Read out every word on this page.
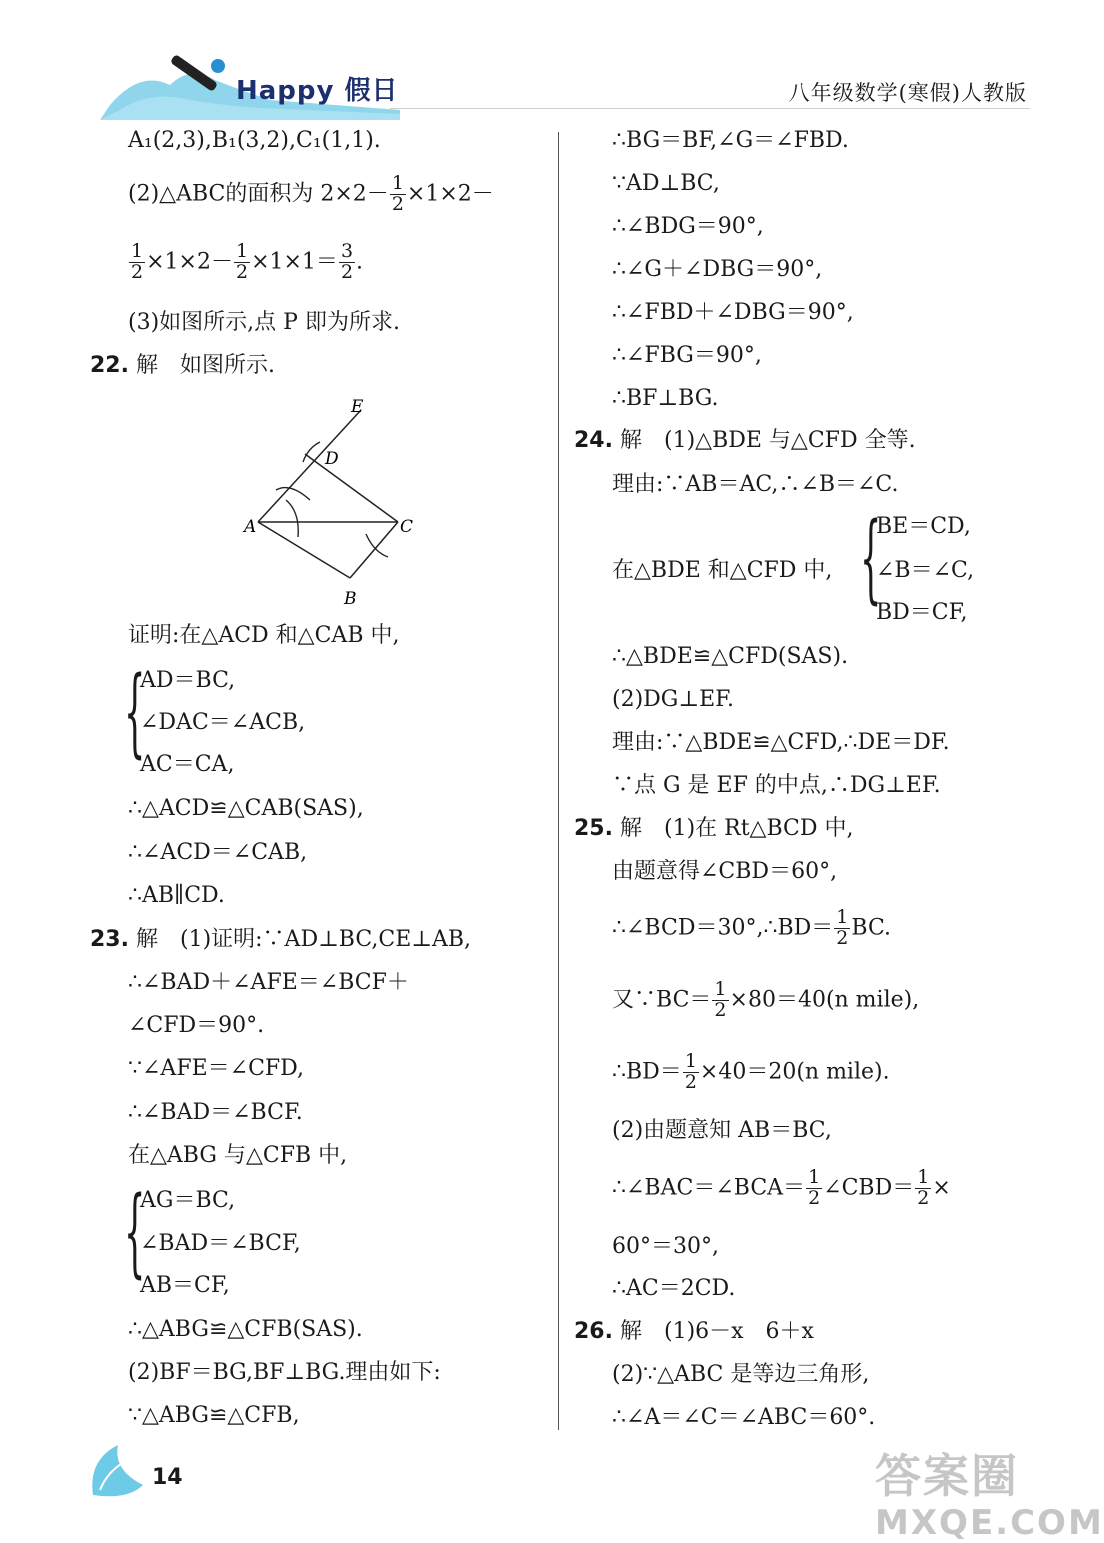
Happy 假日	八年级数学(寒假)人教版
A₁(2,3),B₁(3,2),C₁(1,1).
(2)△ABC的面积为 $2\times 2- \frac{1}{2} \times 1\times 2-$
$\frac{1}{2} \times 1\times 2- \frac{1}{2} \times 1\times 1= \frac{3}{2}$ .
(3)如图所示,点 P 即为所求.
22. 解　如图所示.
E
D
A	C
B
证明:在△ACD 和△CAB 中,
{
AD＝BC,
∠DAC＝∠ACB,
AC＝CA,
∴△ACD≌△CAB(SAS),
∴∠ACD＝∠CAB,
∴AB∥CD.
23. 解　(1)证明:∵AD⊥BC,CE⊥AB,
∴∠BAD＋∠AFE＝∠BCF＋
∠CFD＝90°.
∵∠AFE＝∠CFD,
∴∠BAD＝∠BCF.
在△ABG 与△CFB 中,
{
AG＝BC,
∠BAD＝∠BCF,
AB＝CF,
∴△ABG≌△CFB(SAS).
(2)BF＝BG,BF⊥BG.理由如下:
∵△ABG≌△CFB,
∴BG＝BF,∠G＝∠FBD.
∵AD⊥BC,
∴∠BDG＝90°,
∴∠G＋∠DBG＝90°,
∴∠FBD＋∠DBG＝90°,
∴∠FBG＝90°,
∴BF⊥BG.
24. 解　(1)△BDE 与△CFD 全等.
理由:∵AB＝AC,∴∠B＝∠C.
在△BDE 和△CFD 中, {
BE＝CD,
∠B＝∠C,
BD＝CF,
∴△BDE≌△CFD(SAS).
(2)DG⊥EF.
理由:∵△BDE≌△CFD,∴DE＝DF.
∵点 G 是 EF 的中点,∴DG⊥EF.
25. 解　(1)在 Rt△BCD 中,
由题意得∠CBD＝60°,
∴∠BCD＝30°,∴BD＝ $\frac{1}{2}$ BC.
又∵BC＝ $\frac{1}{2} \times 80=40(n$ mile),
∴BD＝ $\frac{1}{2} \times 40=20(n$ mile).
(2)由题意知 AB＝BC,
∴∠BAC＝∠BCA＝ $\frac{1}{2}$ ∠CBD＝ $\frac{1}{2}$ ×
60°＝30°,
∴AC＝2CD.
26. 解　(1)6－x　6＋x
(2)∵△ABC 是等边三角形,
∴∠A＝∠C＝∠ABC＝60°.
14	答案圈
MXQE.COM
